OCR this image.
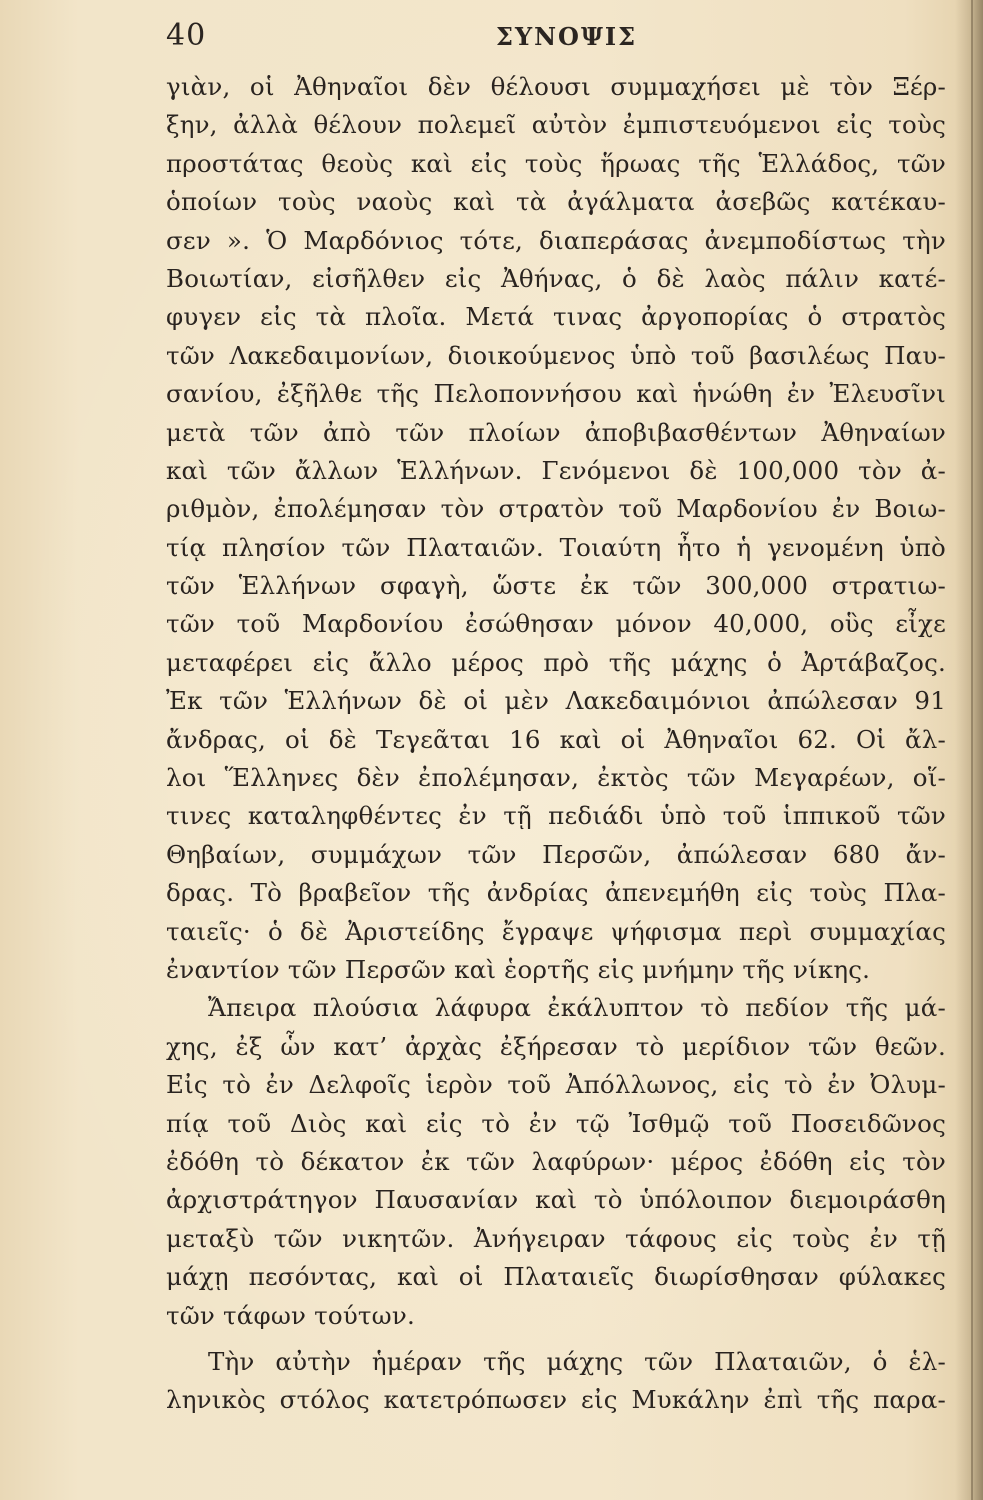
40	ΣΥΝΟΨΙΣ
γιὰν, οἱ Ἀθηναῖοι δὲν θέλουσι συμμαχήσει μὲ τὸν Ξέρ-
ξην, ἀλλὰ θέλουν πολεμεῖ αὐτὸν ἐμπιστευόμενοι εἰς τοὺς
προστάτας θεοὺς καὶ εἰς τοὺς ἥρωας τῆς Ἑλλάδος, τῶν
ὁποίων τοὺς ναοὺς καὶ τὰ ἀγάλματα ἀσεβῶς κατέκαυ-
σεν ». Ὁ Μαρδόνιος τότε, διαπεράσας ἀνεμποδίστως τὴν
Βοιωτίαν, εἰσῆλθεν εἰς Ἀθήνας, ὁ δὲ λαὸς πάλιν κατέ-
φυγεν εἰς τὰ πλοῖα. Μετά τινας ἀργοπορίας ὁ στρατὸς
τῶν Λακεδαιμονίων, διοικούμενος ὑπὸ τοῦ βασιλέως Παυ-
σανίου, ἐξῆλθε τῆς Πελοποννήσου καὶ ἡνώθη ἐν Ἐλευσῖνι
μετὰ τῶν ἀπὸ τῶν πλοίων ἀποβιβασθέντων Ἀθηναίων
καὶ τῶν ἄλλων Ἑλλήνων. Γενόμενοι δὲ 100,000 τὸν ἀ-
ριθμὸν, ἐπολέμησαν τὸν στρατὸν τοῦ Μαρδονίου ἐν Βοιω-
τίᾳ πλησίον τῶν Πλαταιῶν. Τοιαύτη ἦτο ἡ γενομένη ὑπὸ
τῶν Ἑλλήνων σφαγὴ, ὥστε ἐκ τῶν 300,000 στρατιω-
τῶν τοῦ Μαρδονίου ἐσώθησαν μόνον 40,000, οὓς εἶχε
μεταφέρει εἰς ἄλλο μέρος πρὸ τῆς μάχης ὁ Ἀρτάβαζος.
Ἐκ τῶν Ἑλλήνων δὲ οἱ μὲν Λακεδαιμόνιοι ἀπώλεσαν 91
ἄνδρας, οἱ δὲ Τεγεᾶται 16 καὶ οἱ Ἀθηναῖοι 62. Οἱ ἄλ-
λοι Ἕλληνες δὲν ἐπολέμησαν, ἐκτὸς τῶν Μεγαρέων, οἵ-
τινες καταληφθέντες ἐν τῇ πεδιάδι ὑπὸ τοῦ ἱππικοῦ τῶν
Θηβαίων, συμμάχων τῶν Περσῶν, ἀπώλεσαν 680 ἄν-
δρας. Τὸ βραβεῖον τῆς ἀνδρίας ἀπενεμήθη εἰς τοὺς Πλα-
ταιεῖς· ὁ δὲ Ἀριστείδης ἔγραψε ψήφισμα περὶ συμμαχίας
ἐναντίον τῶν Περσῶν καὶ ἑορτῆς εἰς μνήμην τῆς νίκης.
Ἄπειρα πλούσια λάφυρα ἐκάλυπτον τὸ πεδίον τῆς μά-
χης, ἐξ ὧν κατ’ ἀρχὰς ἐξήρεσαν τὸ μερίδιον τῶν θεῶν.
Εἰς τὸ ἐν Δελφοῖς ἱερὸν τοῦ Ἀπόλλωνος, εἰς τὸ ἐν Ὀλυμ-
πίᾳ τοῦ Διὸς καὶ εἰς τὸ ἐν τῷ Ἰσθμῷ τοῦ Ποσειδῶνος
ἐδόθη τὸ δέκατον ἐκ τῶν λαφύρων· μέρος ἐδόθη εἰς τὸν
ἀρχιστράτηγον Παυσανίαν καὶ τὸ ὑπόλοιπον διεμοιράσθη
μεταξὺ τῶν νικητῶν. Ἀνήγειραν τάφους εἰς τοὺς ἐν τῇ
μάχῃ πεσόντας, καὶ οἱ Πλαταιεῖς διωρίσθησαν φύλακες
τῶν τάφων τούτων.
Τὴν αὐτὴν ἡμέραν τῆς μάχης τῶν Πλαταιῶν, ὁ ἑλ-
ληνικὸς στόλος κατετρόπωσεν εἰς Μυκάλην ἐπὶ τῆς παρα-
